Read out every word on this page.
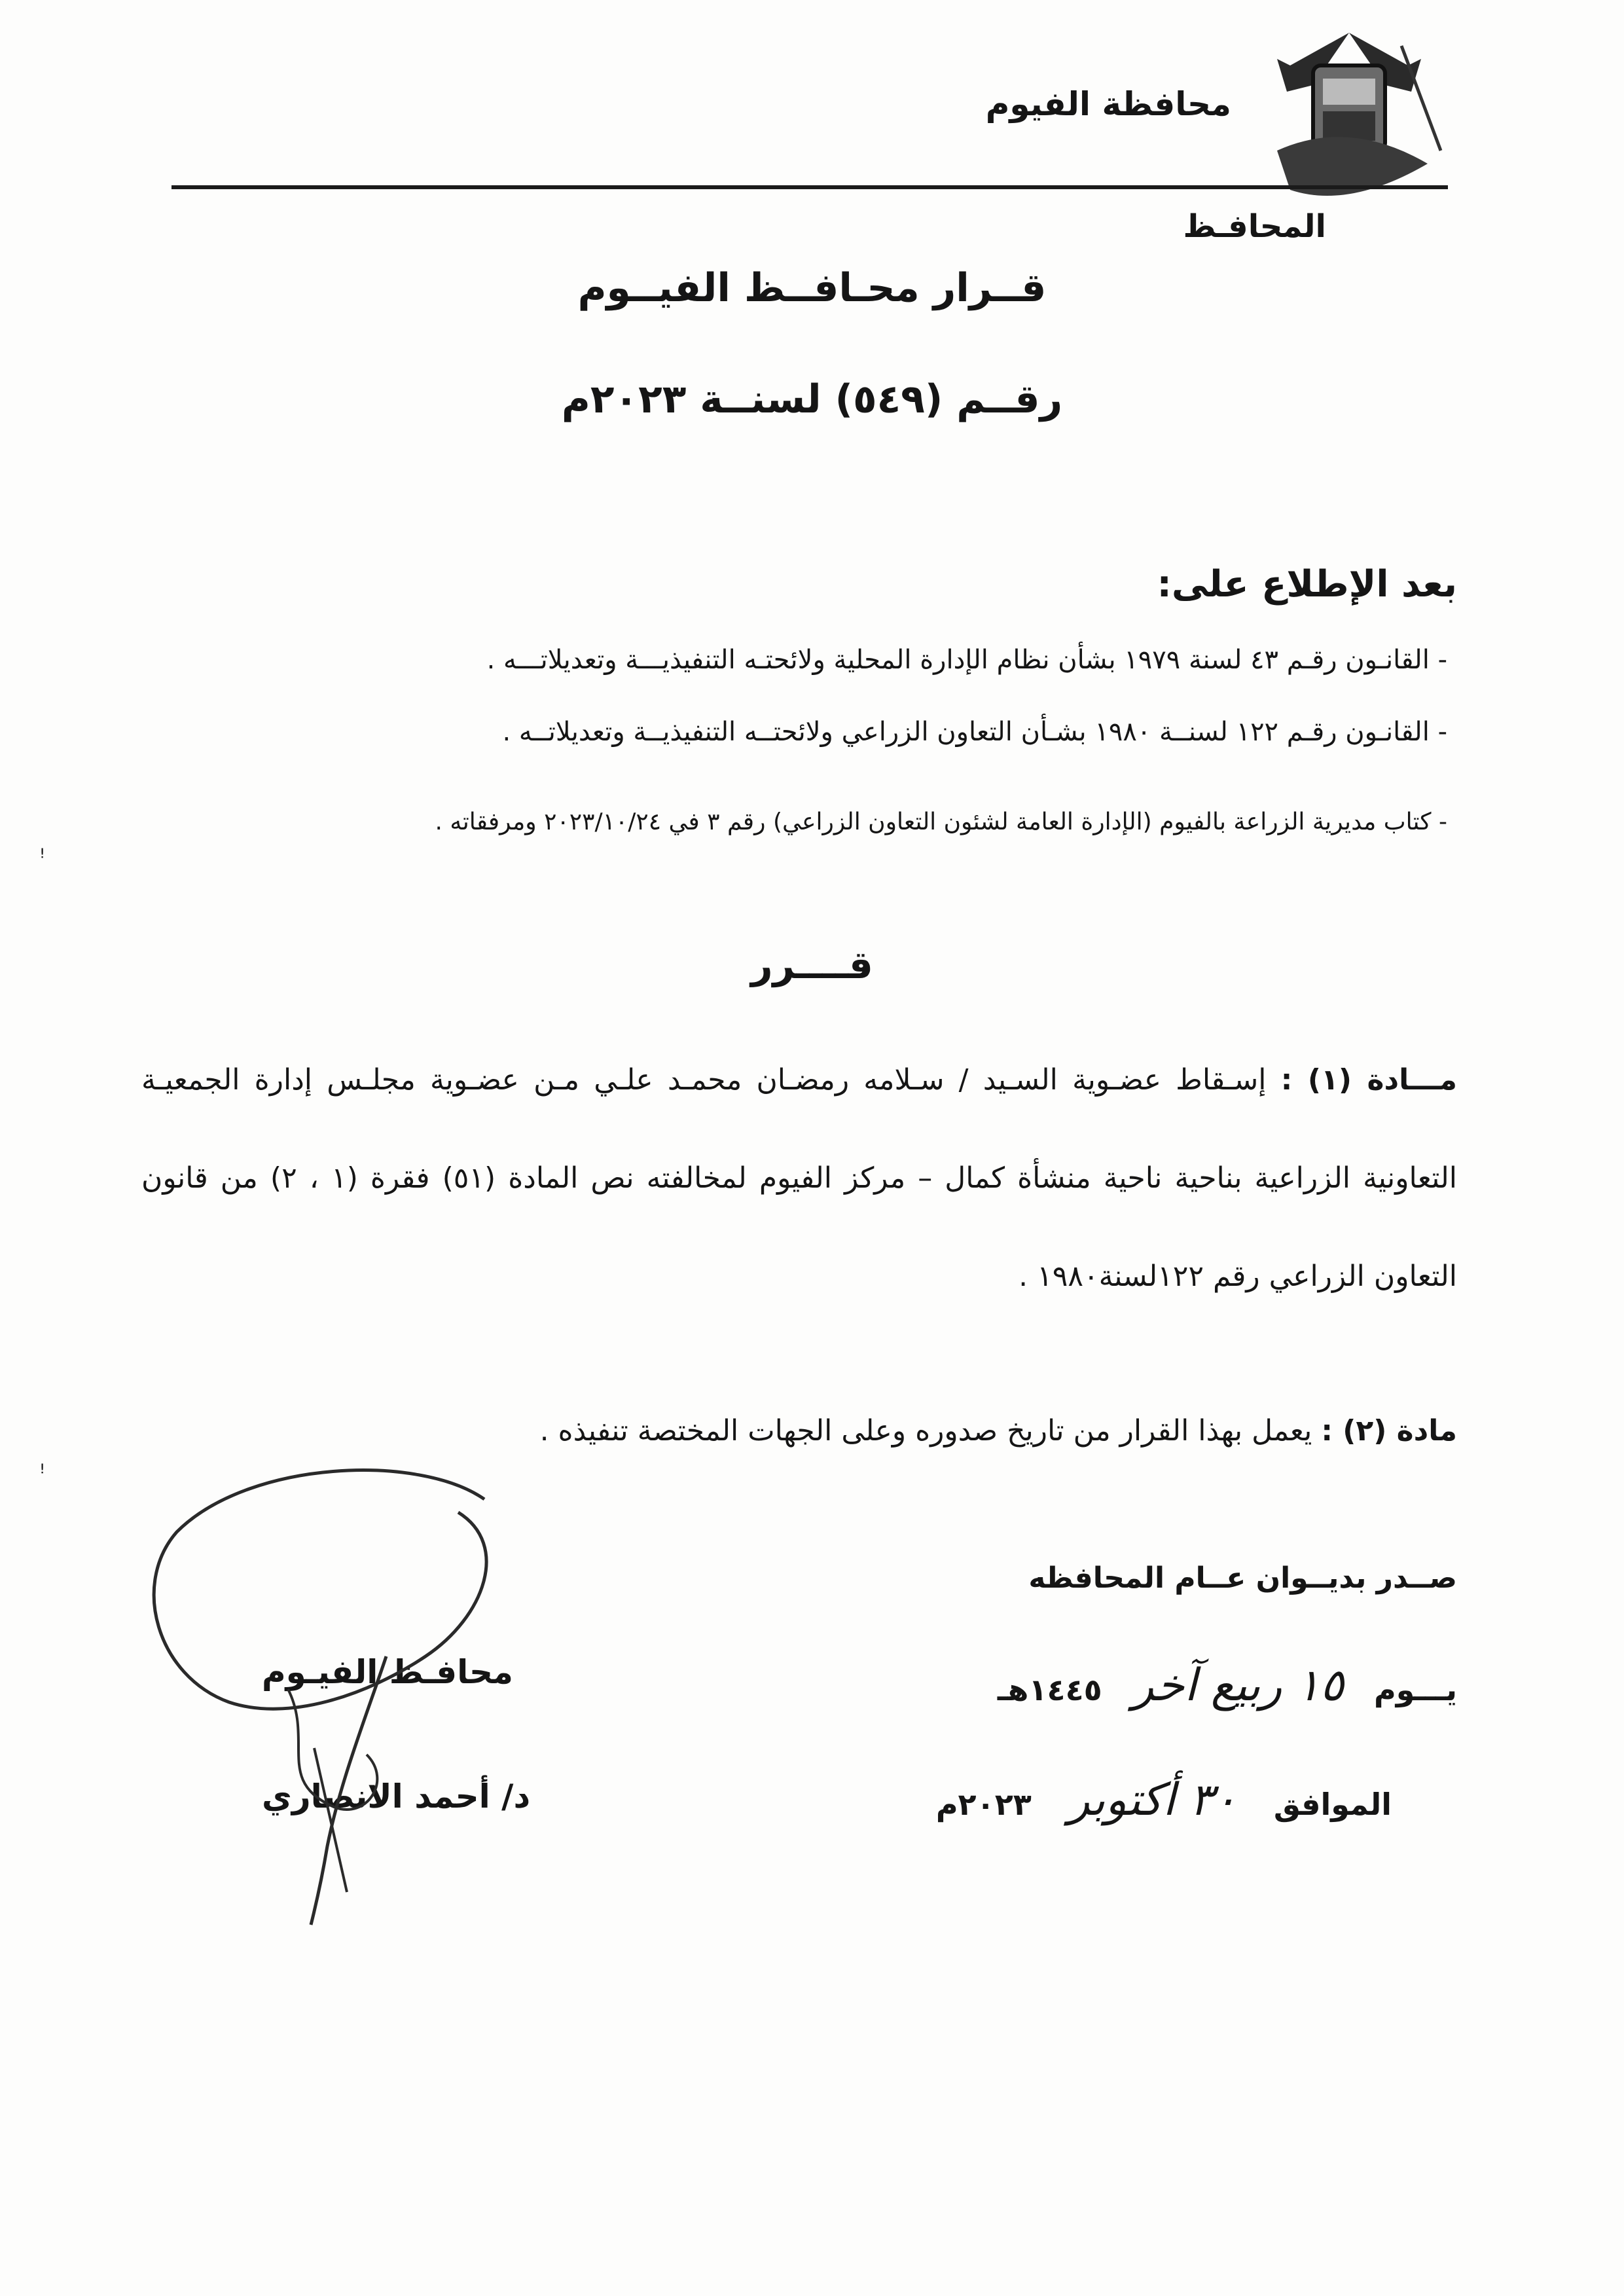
محافظة الفيوم
المحافـظ
قــرار محـافــظ الفيــوم
رقــم (٥٤٩) لسنــة ٢٠٢٣م
بعد الإطلاع على:
- القانـون رقـم ٤٣ لسنة ١٩٧٩ بشأن نظام الإدارة المحلية ولائحتـه التنفيذيـــة وتعديلاتـــه .
- القانـون رقـم ١٢٢ لسنــة ١٩٨٠ بشـأن التعاون الزراعي ولائحتــه التنفيذيــة وتعديلاتــه .
- كتاب مديرية الزراعة بالفيوم (الإدارة العامة لشئون التعاون الزراعي) رقم ٣ في ٢٠٢٣/١٠/٢٤ ومرفقاته .
قــــرر
مـــادة (١) : إسـقاط عضـوية السـيد / سـلامه رمضـان محمـد علـي مـن عضـوية مجلـس إدارة الجمعيـة التعاونية الزراعية بناحية ناحية منشأة كمال – مركز الفيوم لمخالفته نص المادة (٥١) فقرة (١ ، ٢) من قانون التعاون الزراعي رقم ١٢٢لسنة١٩٨٠ .
مادة (٢) : يعمل بهذا القرار من تاريخ صدوره وعلى الجهات المختصة تنفيذه .
صــدر بديــوان عــام المحافظه
يـــوم ١٥ ربيع آخر ١٤٤٥هـ
الموافق ٣٠ أكتوبر ٢٠٢٣م
محافـظ الفيـوم
د/ أحمد الانصاري
ꜝ
ꜝ
